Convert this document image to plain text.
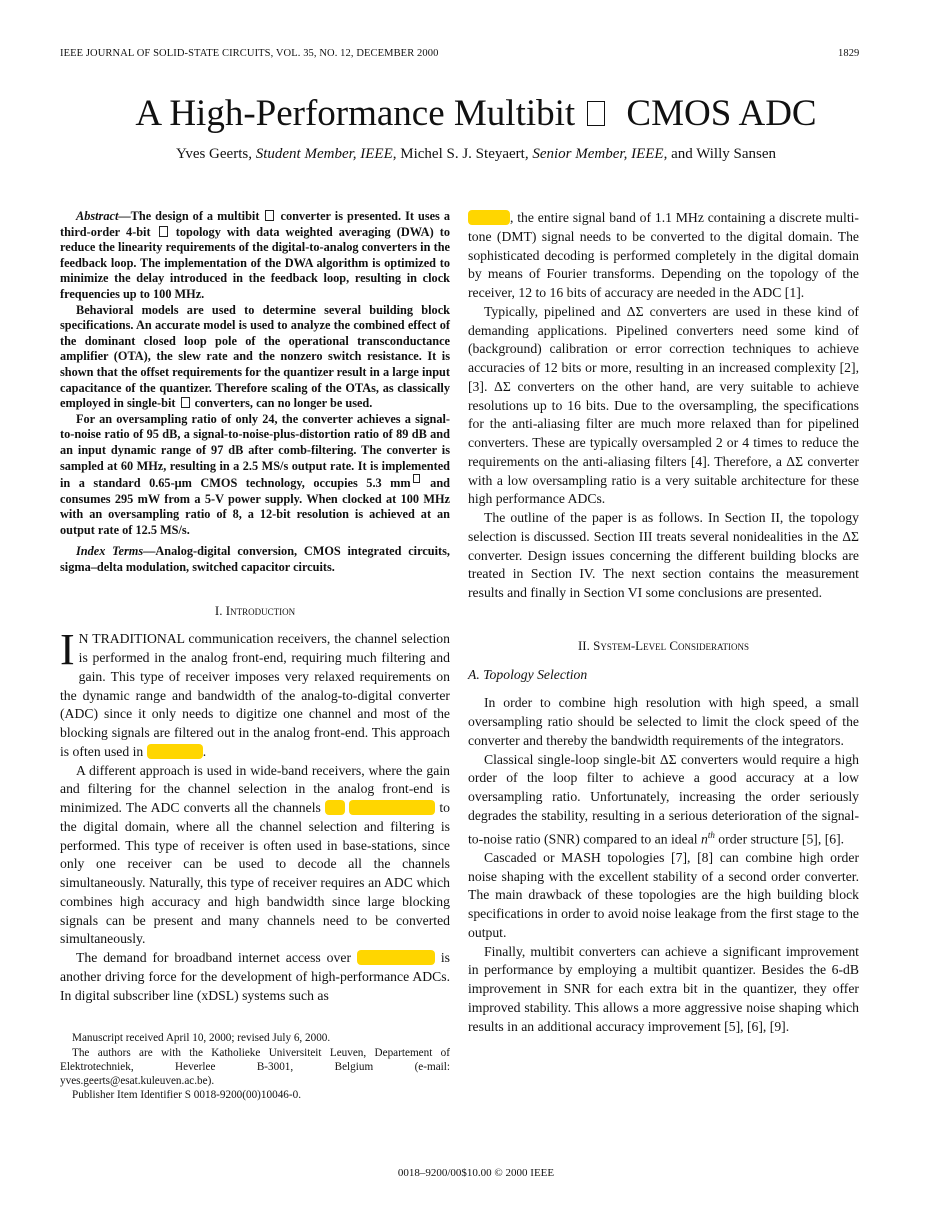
IEEE JOURNAL OF SOLID-STATE CIRCUITS, VOL. 35, NO. 12, DECEMBER 2000	1829
A High-Performance Multibit CMOS ADC
Yves Geerts, Student Member, IEEE, Michel S. J. Steyaert, Senior Member, IEEE, and Willy Sansen

Abstract—The design of a multibit converter is presented. It uses a third-order 4-bit topology with data weighted averaging (DWA) to reduce the linearity requirements of the digital-to-analog converters in the feedback loop. The implementation of the DWA algorithm is optimized to minimize the delay introduced in the feedback loop, resulting in clock frequencies up to 100 MHz.

Behavioral models are used to determine several building block specifications. An accurate model is used to analyze the combined effect of the dominant closed loop pole of the operational transconductance amplifier (OTA), the slew rate and the nonzero switch resistance. It is shown that the offset requirements for the quantizer result in a large input capacitance of the quantizer. Therefore scaling of the OTAs, as classically employed in single-bit converters, can no longer be used.

For an oversampling ratio of only 24, the converter achieves a signal-to-noise ratio of 95 dB, a signal-to-noise-plus-distortion ratio of 89 dB and an input dynamic range of 97 dB after comb-filtering. The converter is sampled at 60 MHz, resulting in a 2.5 MS/s output rate. It is implemented in a standard 0.65-μm CMOS technology, occupies 5.3 mm and consumes 295 mW from a 5-V power supply. When clocked at 100 MHz with an oversampling ratio of 8, a 12-bit resolution is achieved at an output rate of 12.5 MS/s.

Index Terms—Analog-digital conversion, CMOS integrated circuits, sigma–delta modulation, switched capacitor circuits.

I. Introduction

I N TRADITIONAL communication receivers, the channel selection is performed in the analog front-end, requiring much filtering and gain. This type of receiver imposes very relaxed requirements on the dynamic range and bandwidth of the analog-to-digital converter (ADC) since it only needs to digitize one channel and most of the blocking signals are filtered out in the analog front-end. This approach is often used in	.

A different approach is used in wide-band receivers, where the gain and filtering for the channel selection in the analog front-end is minimized. The ADC converts all the channels	to the digital domain, where all the channel selection and filtering is performed. This type of receiver is often used in base-stations, since only one receiver can be used to decode all the channels simultaneously. Naturally, this type of receiver requires an ADC which combines high accuracy and high bandwidth since large blocking signals can be present and many channels need to be converted simultaneously.

The demand for broadband internet access over	is another driving force for the development of high-performance ADCs. In digital subscriber line (xDSL) systems such as

Manuscript received April 10, 2000; revised July 6, 2000.

The authors are with the Katholieke Universiteit Leuven, Departement of Elektrotechniek, Heverlee B-3001, Belgium (e-mail: yves.geerts@esat.kuleuven.ac.be).

Publisher Item Identifier S 0018-9200(00)10046-0.

, the entire signal band of 1.1 MHz containing a discrete multi-tone (DMT) signal needs to be converted to the digital domain. The sophisticated decoding is performed completely in the digital domain by means of Fourier transforms. Depending on the topology of the receiver, 12 to 16 bits of accuracy are needed in the ADC [1].

Typically, pipelined and ΔΣ converters are used in these kind of demanding applications. Pipelined converters need some kind of (background) calibration or error correction techniques to achieve accuracies of 12 bits or more, resulting in an increased complexity [2], [3]. ΔΣ converters on the other hand, are very suitable to achieve resolutions up to 16 bits. Due to the oversampling, the specifications for the anti-aliasing filter are much more relaxed than for pipelined converters. These are typically oversampled 2 or 4 times to reduce the requirements on the anti-aliasing filters [4]. Therefore, a ΔΣ converter with a low oversampling ratio is a very suitable architecture for these high performance ADCs.

The outline of the paper is as follows. In Section II, the topology selection is discussed. Section III treats several nonidealities in the ΔΣ converter. Design issues concerning the different building blocks are treated in Section IV. The next section contains the measurement results and finally in Section VI some conclusions are presented.

II. System-Level Considerations

A. Topology Selection

In order to combine high resolution with high speed, a small oversampling ratio should be selected to limit the clock speed of the converter and thereby the bandwidth requirements of the integrators.

Classical single-loop single-bit ΔΣ converters would require a high order of the loop filter to achieve a good accuracy at a low oversampling ratio. Unfortunately, increasing the order seriously degrades the stability, resulting in a serious deterioration of the signal-to-noise ratio (SNR) compared to an ideal $n^{th}$ order structure [5], [6].

Cascaded or MASH topologies [7], [8] can combine high order noise shaping with the excellent stability of a second order converter. The main drawback of these topologies are the high building block specifications in order to avoid noise leakage from the first stage to the output.

Finally, multibit converters can achieve a significant improvement in performance by employing a multibit quantizer. Besides the 6-dB improvement in SNR for each extra bit in the quantizer, they offer improved stability. This allows a more aggressive noise shaping which results in an additional accuracy improvement [5], [6], [9].

0018–9200/00$10.00 © 2000 IEEE
